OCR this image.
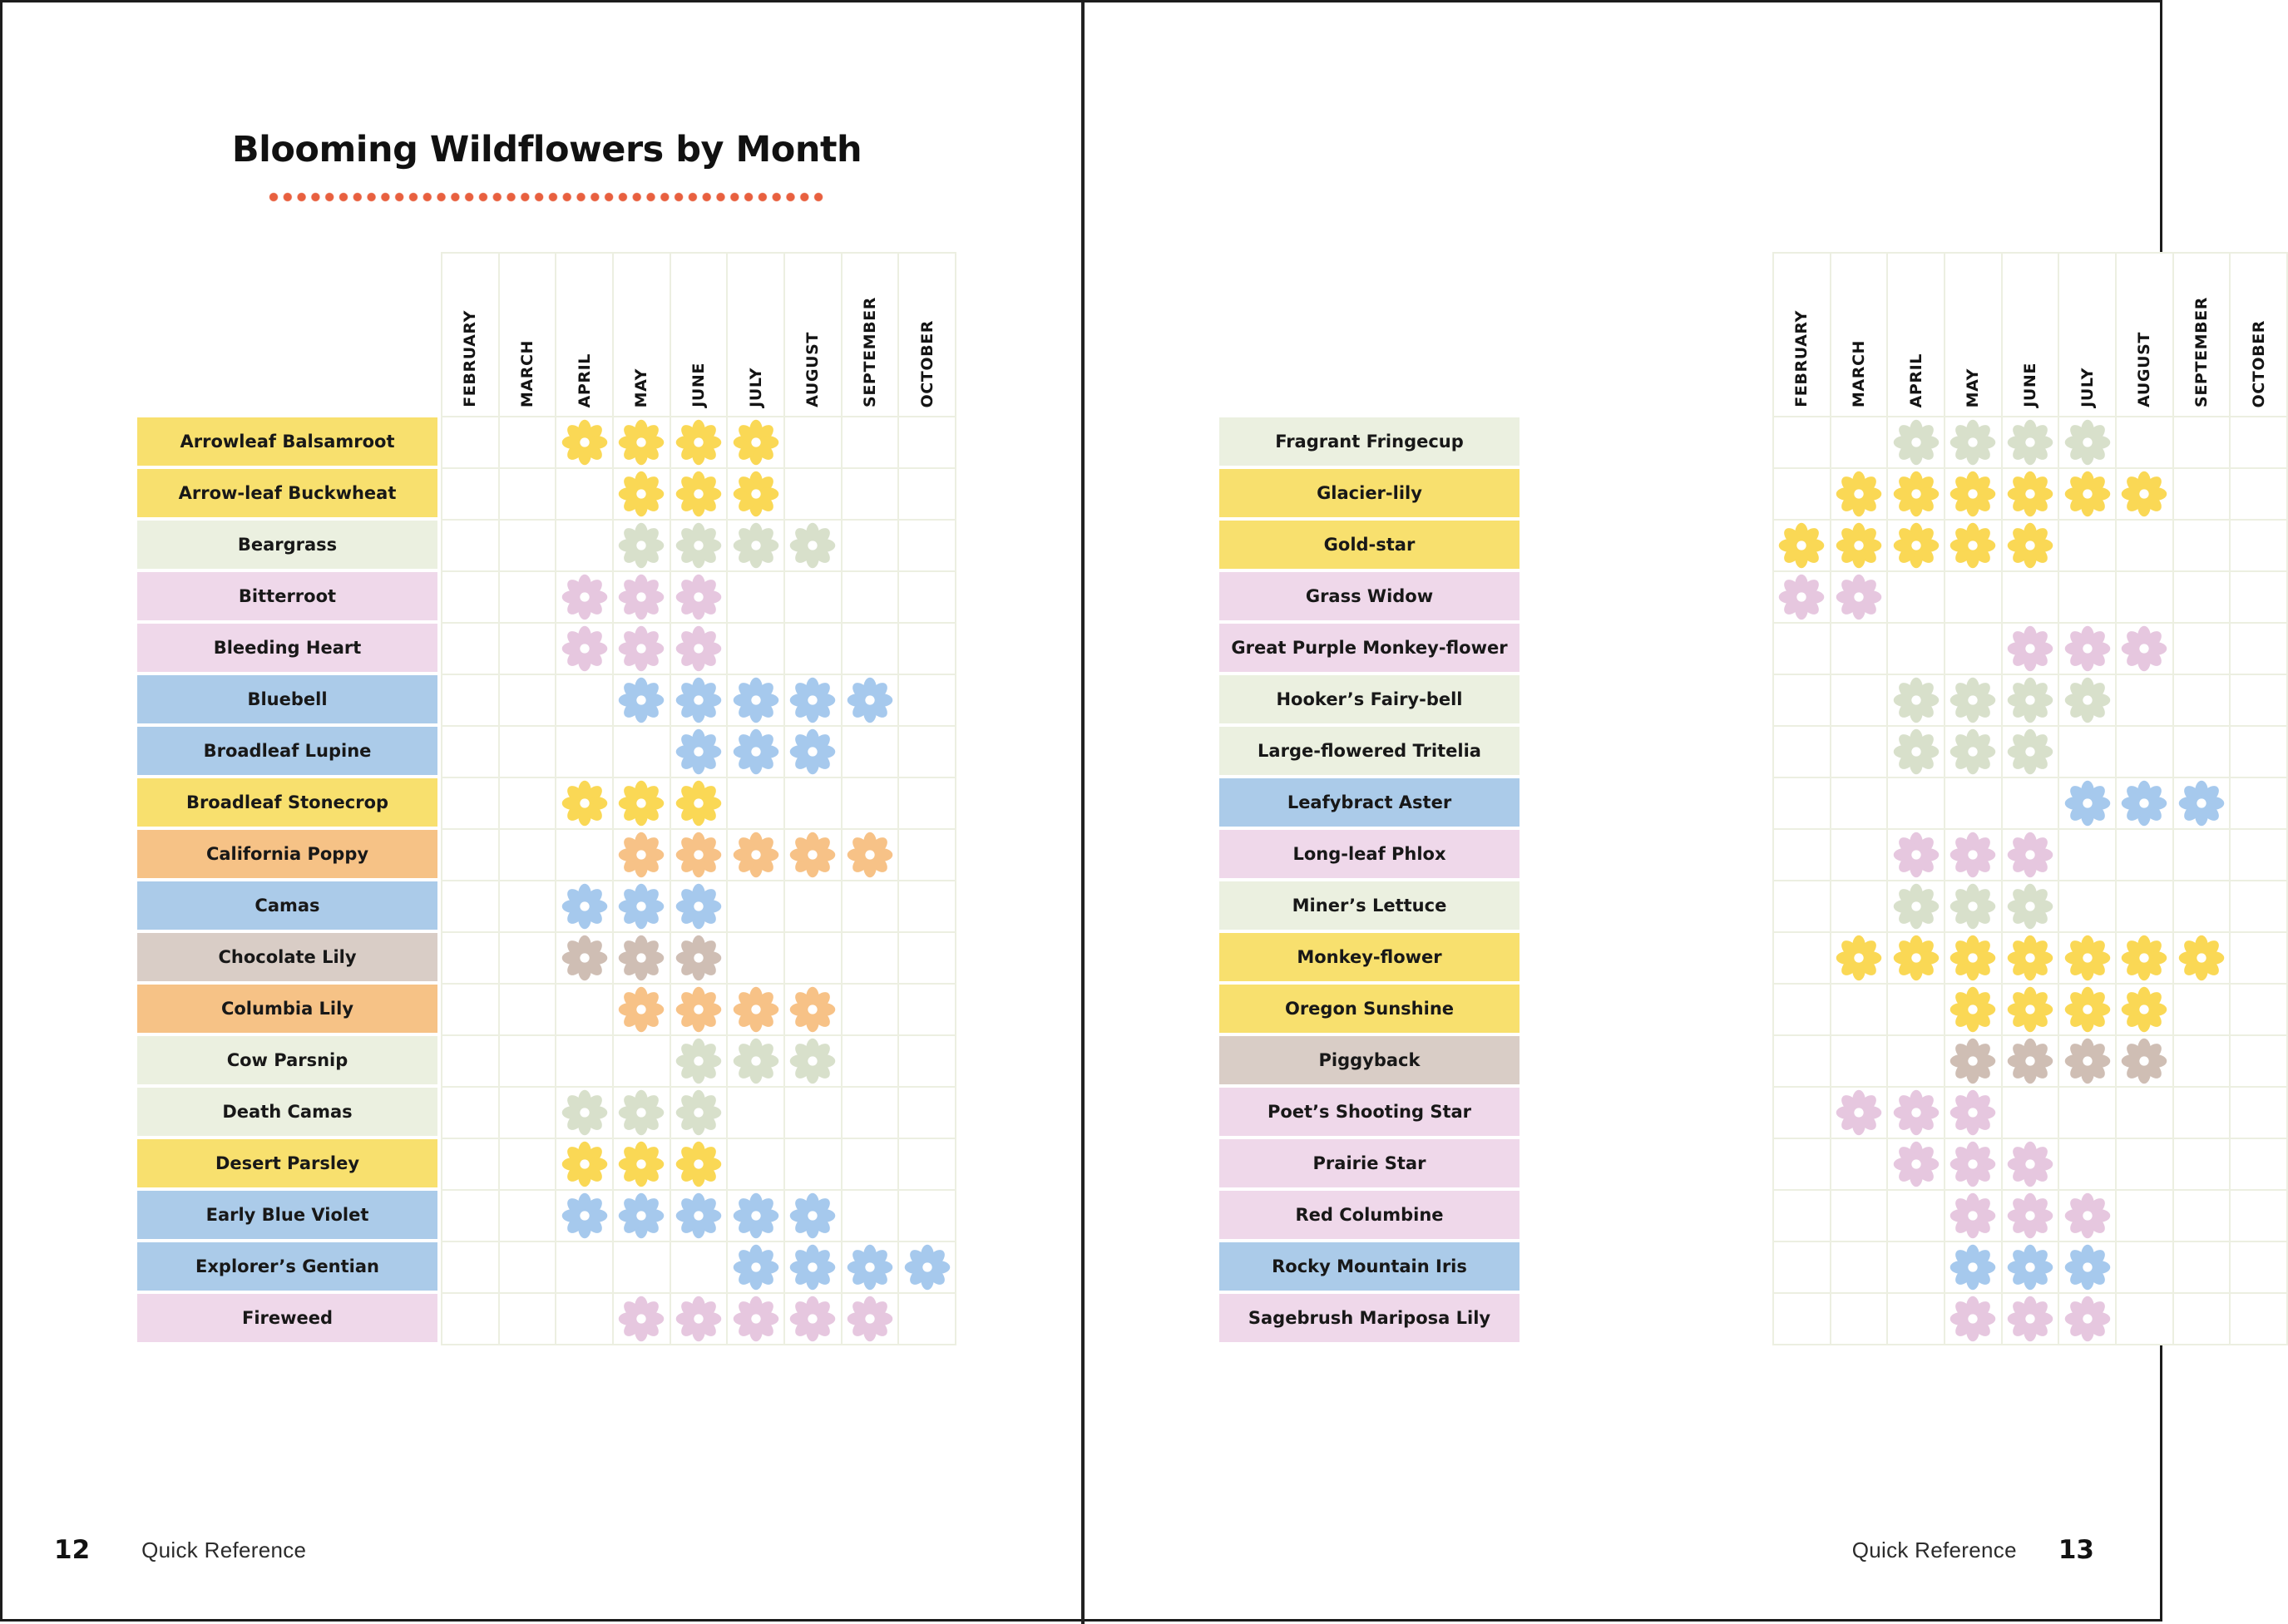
Blooming Wildflowers by Month
Arrowleaf Balsamroot
Arrow-leaf Buckwheat
Beargrass
Bitterroot
Bleeding Heart
Bluebell
Broadleaf Lupine
Broadleaf Stonecrop
California Poppy
Camas
Chocolate Lily
Columbia Lily
Cow Parsnip
Death Camas
Desert Parsley
Early Blue Violet
Explorer’s Gentian
Fireweed
FEBRUARY MARCH APRIL MAY JUNE JULY AUGUST SEPTEMBER OCTOBER
12 Quick Reference
Fragrant Fringecup
Glacier-lily
Gold-star
Grass Widow
Great Purple Monkey-flower
Hooker’s Fairy-bell
Large-flowered Tritelia
Leafybract Aster
Long-leaf Phlox
Miner’s Lettuce
Monkey-flower
Oregon Sunshine
Piggyback
Poet’s Shooting Star
Prairie Star
Red Columbine
Rocky Mountain Iris
Sagebrush Mariposa Lily
FEBRUARY MARCH APRIL MAY JUNE JULY AUGUST SEPTEMBER OCTOBER
Quick Reference 13
